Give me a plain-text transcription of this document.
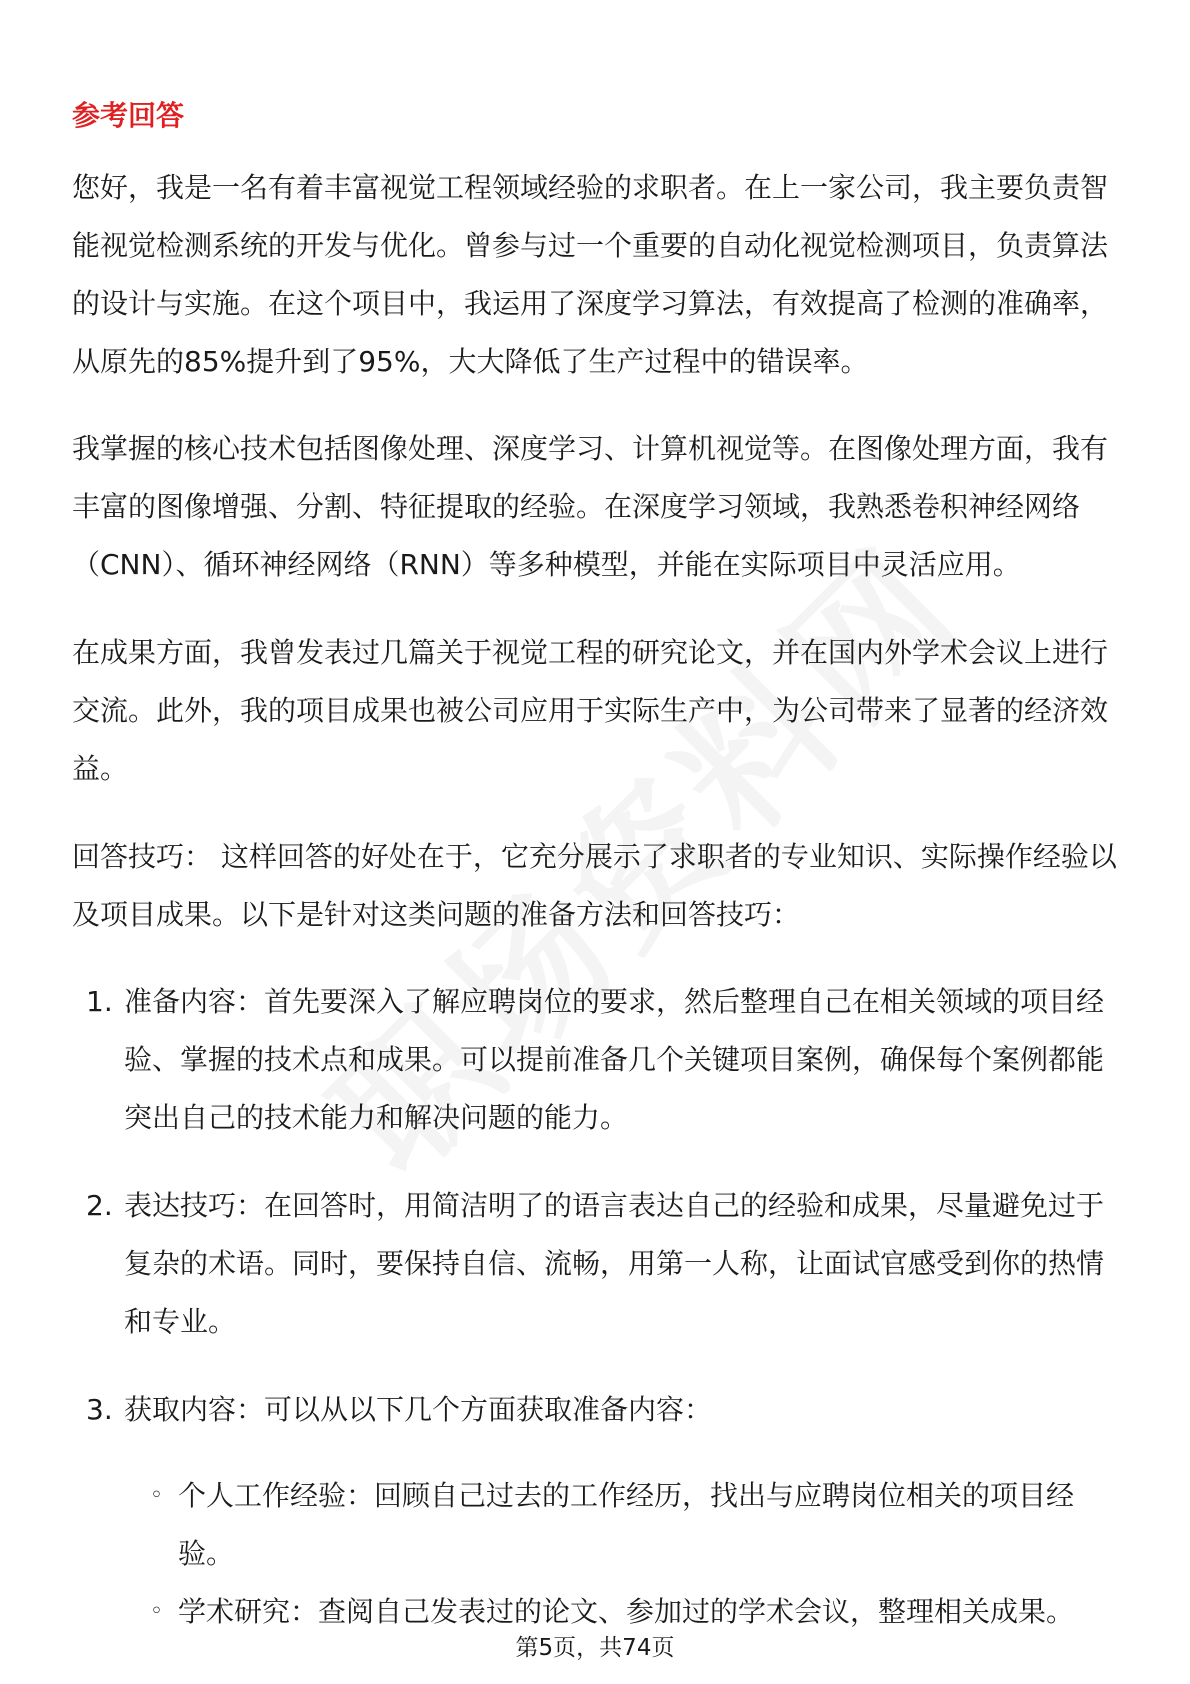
参考回答

您好，我是一名有着丰富视觉工程领域经验的求职者。在上一家公司，我主要负责智能视觉检测系统的开发与优化。曾参与过一个重要的自动化视觉检测项目，负责算法的设计与实施。在这个项目中，我运用了深度学习算法，有效提高了检测的准确率，从原先的85%提升到了95%，大大降低了生产过程中的错误率。

我掌握的核心技术包括图像处理、深度学习、计算机视觉等。在图像处理方面，我有丰富的图像增强、分割、特征提取的经验。在深度学习领域，我熟悉卷积神经网络（CNN）、循环神经网络（RNN）等多种模型，并能在实际项目中灵活应用。

在成果方面，我曾发表过几篇关于视觉工程的研究论文，并在国内外学术会议上进行交流。此外，我的项目成果也被公司应用于实际生产中，为公司带来了显著的经济效益。

回答技巧： 这样回答的好处在于，它充分展示了求职者的专业知识、实际操作经验以及项目成果。以下是针对这类问题的准备方法和回答技巧：

1. 准备内容：首先要深入了解应聘岗位的要求，然后整理自己在相关领域的项目经验、掌握的技术点和成果。可以提前准备几个关键项目案例，确保每个案例都能突出自己的技术能力和解决问题的能力。

2. 表达技巧：在回答时，用简洁明了的语言表达自己的经验和成果，尽量避免过于复杂的术语。同时，要保持自信、流畅，用第一人称，让面试官感受到你的热情和专业。

3. 获取内容：可以从以下几个方面获取准备内容：

◦ 个人工作经验：回顾自己过去的工作经历，找出与应聘岗位相关的项目经验。

◦ 学术研究：查阅自己发表过的论文、参加过的学术会议，整理相关成果。

第5页，共74页
